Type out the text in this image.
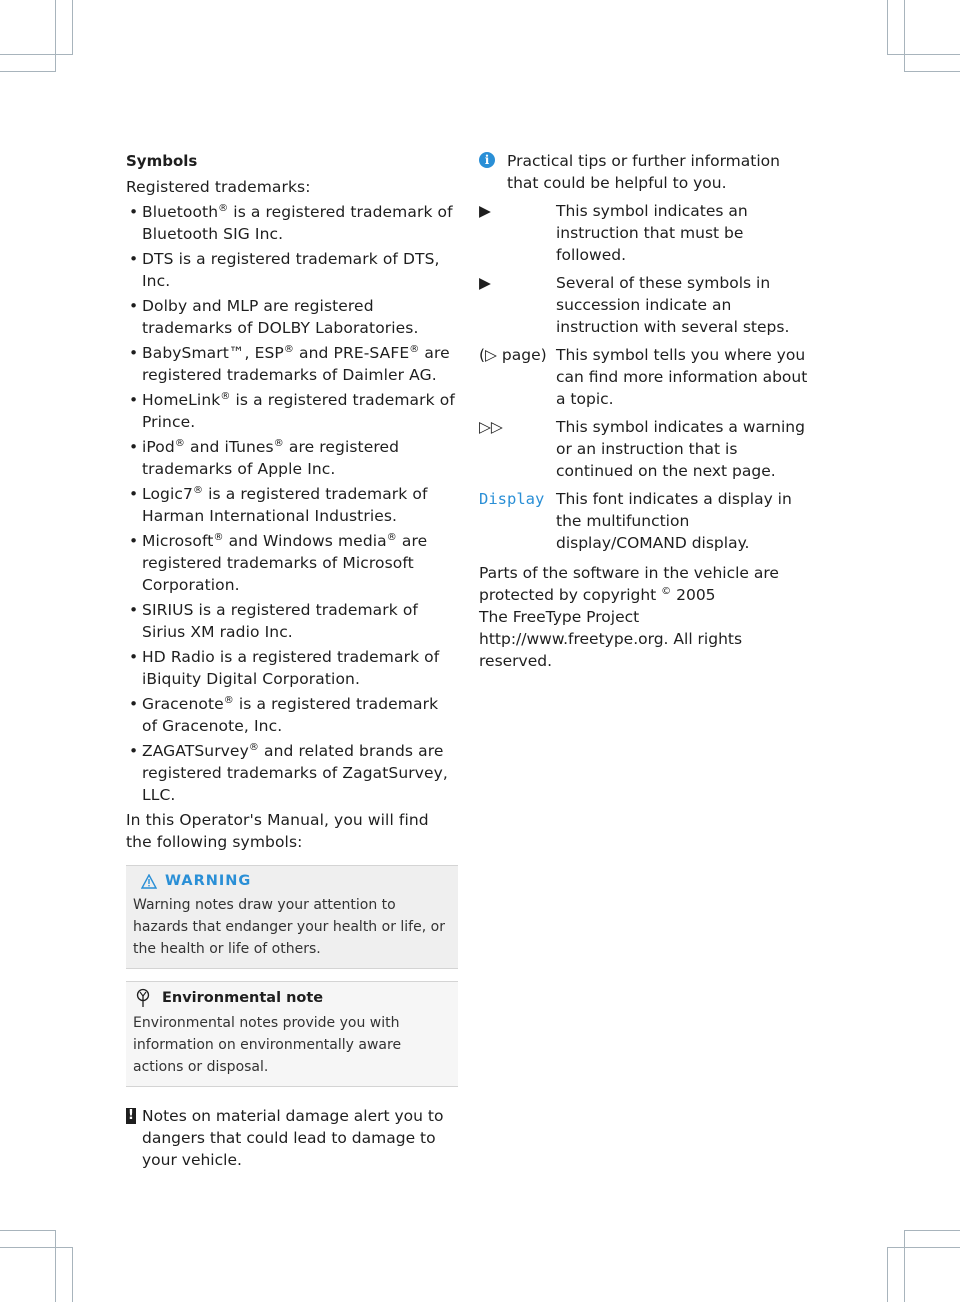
Symbols
Registered trademarks:
• Bluetooth® is a registered trademark of Bluetooth SIG Inc.
• DTS is a registered trademark of DTS, Inc.
• Dolby and MLP are registered trademarks of DOLBY Laboratories.
• BabySmart™, ESP® and PRE-SAFE® are registered trademarks of Daimler AG.
• HomeLink® is a registered trademark of Prince.
• iPod® and iTunes® are registered trademarks of Apple Inc.
• Logic7® is a registered trademark of Harman International Industries.
• Microsoft® and Windows media® are registered trademarks of Microsoft Corporation.
• SIRIUS is a registered trademark of Sirius XM radio Inc.
• HD Radio is a registered trademark of iBiquity Digital Corporation.
• Gracenote® is a registered trademark of Gracenote, Inc.
• ZAGATSurvey® and related brands are registered trademarks of ZagatSurvey, LLC.
In this Operator's Manual, you will find the following symbols:
WARNING
Warning notes draw your attention to hazards that endanger your health or life, or the health or life of others.
Environmental note
Environmental notes provide you with information on environmentally aware actions or disposal.
! Notes on material damage alert you to dangers that could lead to damage to your vehicle.
i	Practical tips or further information that could be helpful to you.
▶	This symbol indicates an instruction that must be followed.
▶	Several of these symbols in succession indicate an instruction with several steps.
(▷ page) This symbol tells you where you can find more information about a topic.
▷▷	This symbol indicates a warning or an instruction that is continued on the next page.
Display This font indicates a display in the multifunction display/COMAND display.
Parts of the software in the vehicle are
protected by copyright © 2005
The FreeType Project
http://www.freetype.org. All rights
reserved.
